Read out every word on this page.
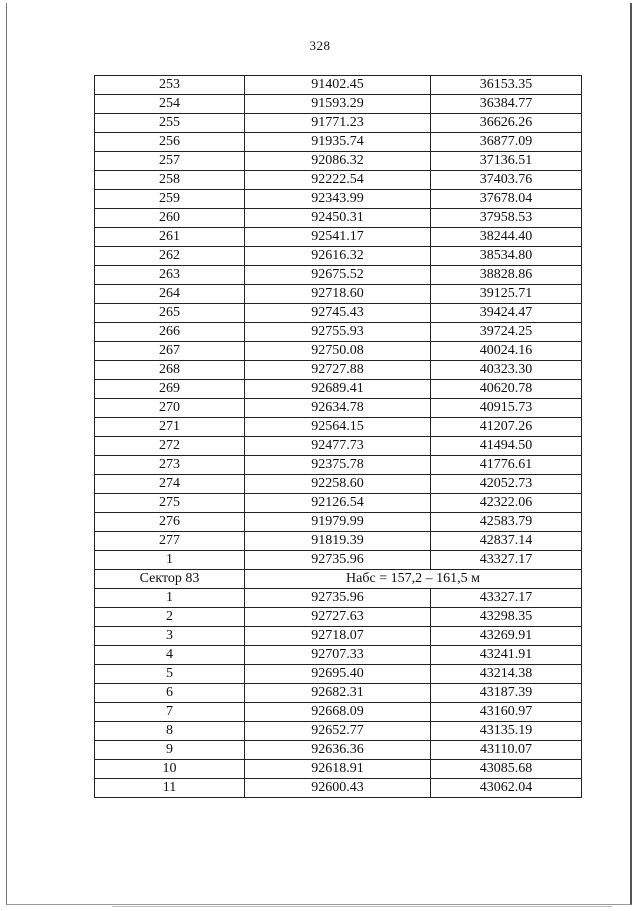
328
253	91402.45	36153.35
254	91593.29	36384.77
255	91771.23	36626.26
256	91935.74	36877.09
257	92086.32	37136.51
258	92222.54	37403.76
259	92343.99	37678.04
260	92450.31	37958.53
261	92541.17	38244.40
262	92616.32	38534.80
263	92675.52	38828.86
264	92718.60	39125.71
265	92745.43	39424.47
266	92755.93	39724.25
267	92750.08	40024.16
268	92727.88	40323.30
269	92689.41	40620.78
270	92634.78	40915.73
271	92564.15	41207.26
272	92477.73	41494.50
273	92375.78	41776.61
274	92258.60	42052.73
275	92126.54	42322.06
276	91979.99	42583.79
277	91819.39	42837.14
1	92735.96	43327.17
Сектор 83	Набс = 157,2 – 161,5 м	
1	92735.96	43327.17
2	92727.63	43298.35
3	92718.07	43269.91
4	92707.33	43241.91
5	92695.40	43214.38
6	92682.31	43187.39
7	92668.09	43160.97
8	92652.77	43135.19
9	92636.36	43110.07
10	92618.91	43085.68
11	92600.43	43062.04
